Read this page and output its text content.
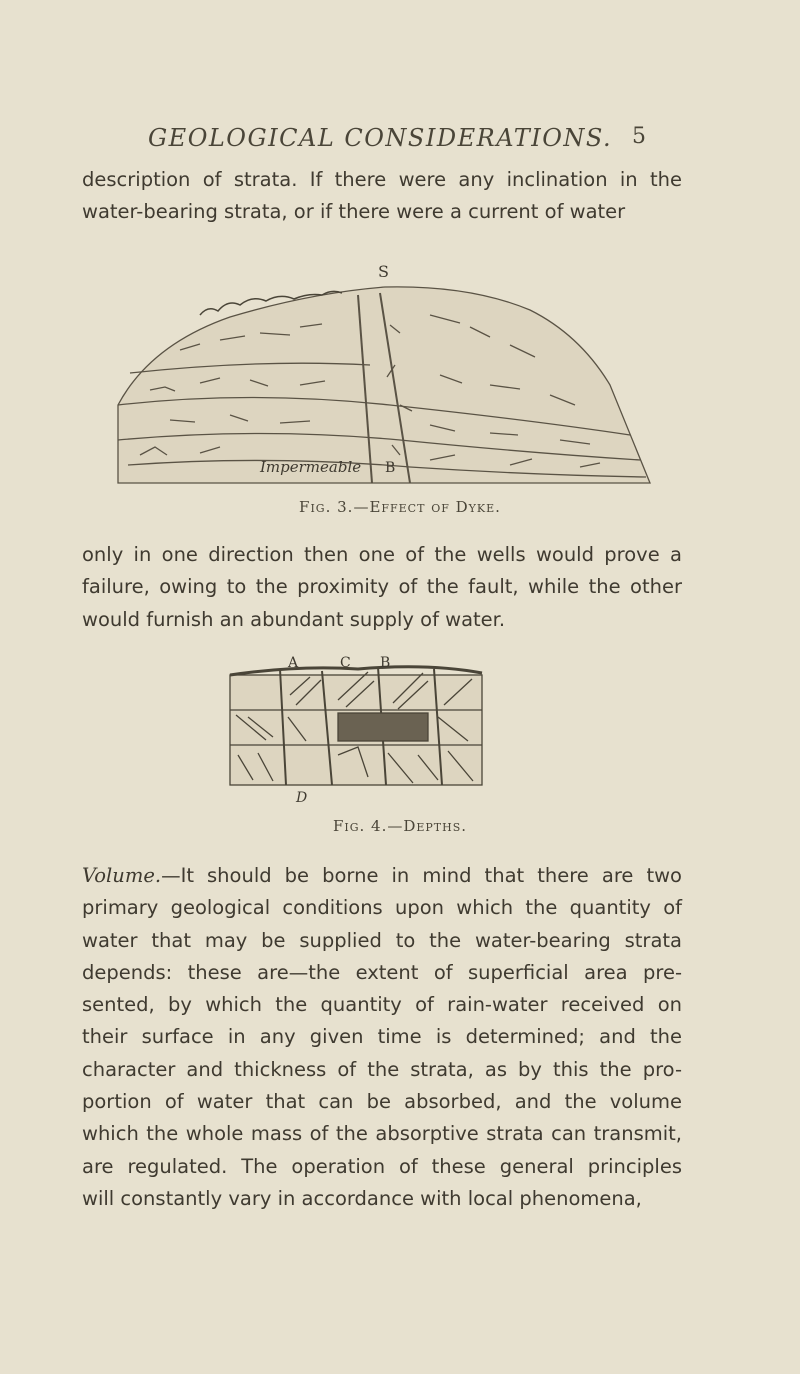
GEOLOGICAL CONSIDERATIONS. 5

description of strata. If there were any inclination in the
water-bearing strata, or if there were a current of water

S
Impermeable B
Fig. 3.—Effect of Dyke.

only in one direction then one of the wells would prove a
failure, owing to the proximity of the fault, while the other
would furnish an abundant supply of water.

A	C B
D
Fig. 4.—Depths.

Volume.—It should be borne in mind that there are two
primary geological conditions upon which the quantity of
water that may be supplied to the water-bearing strata
depends: these are—the extent of superficial area pre-
sented, by which the quantity of rain-water received on
their surface in any given time is determined; and the
character and thickness of the strata, as by this the pro-
portion of water that can be absorbed, and the volume
which the whole mass of the absorptive strata can transmit,
are regulated. The operation of these general principles
will constantly vary in accordance with local phenomena,
